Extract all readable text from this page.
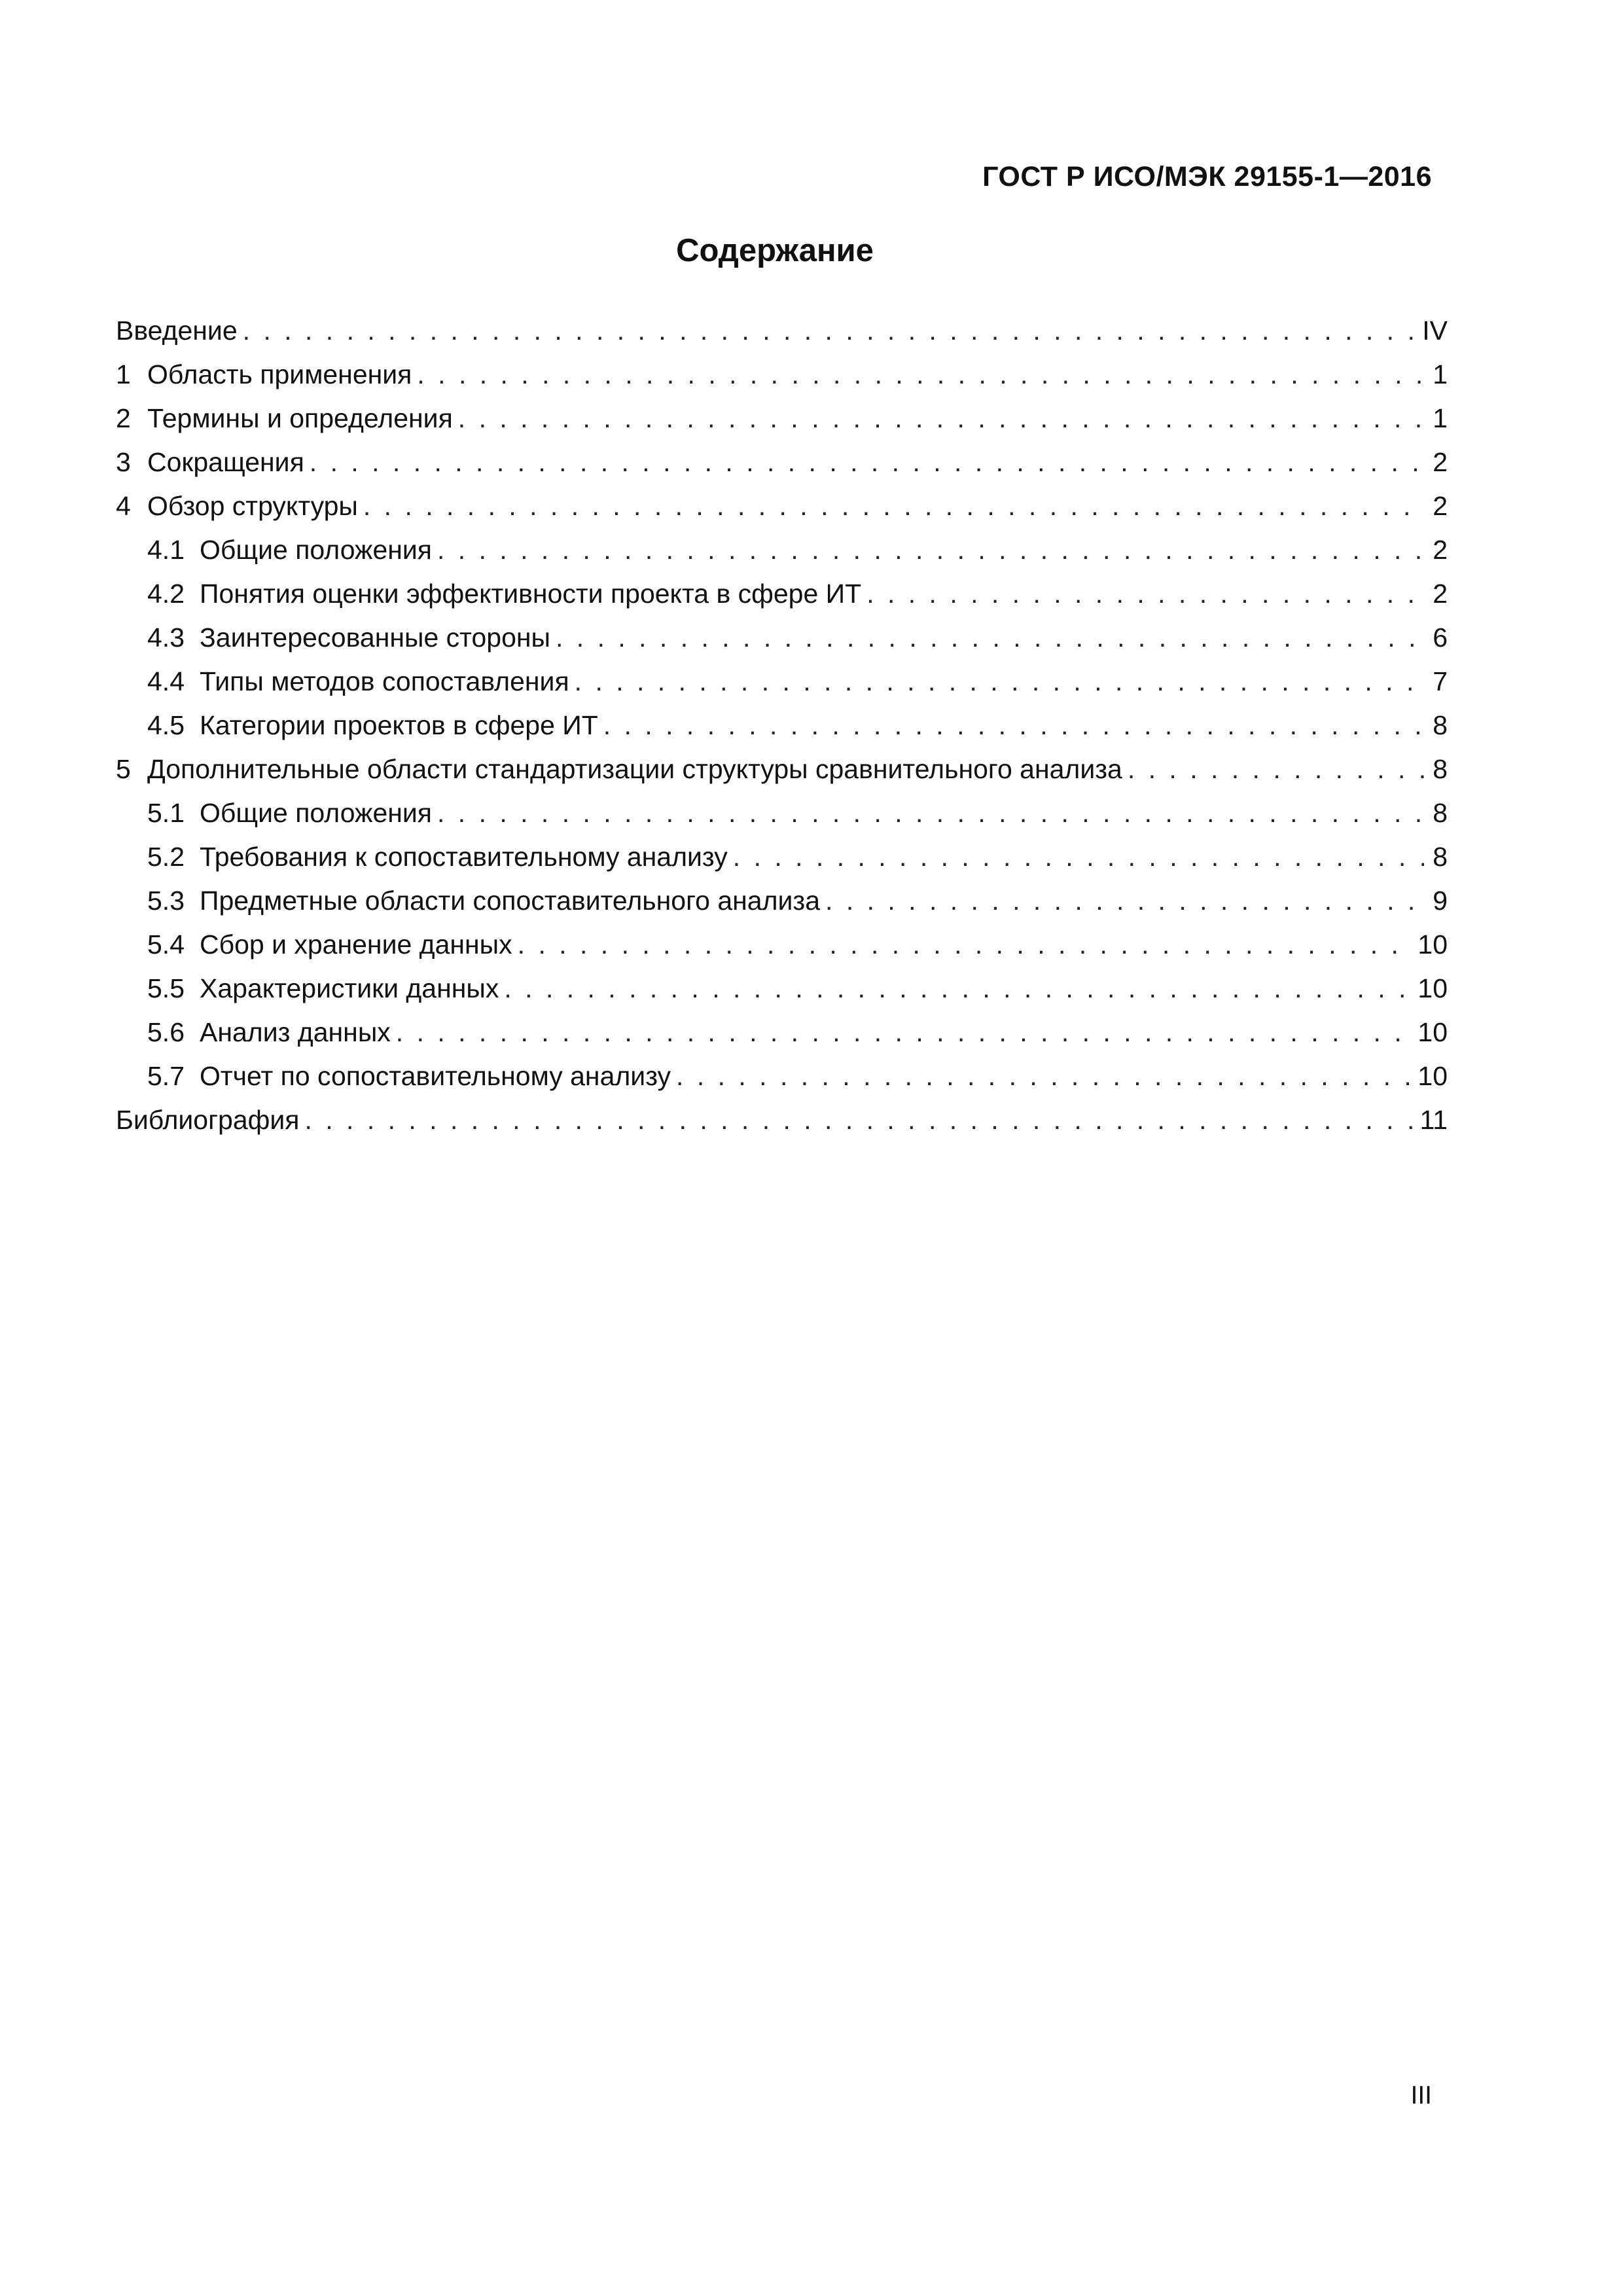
ГОСТ Р ИСО/МЭК 29155-1—2016
Содержание
Введение . . .	IV
1 Область применения . . .	1
2 Термины и определения . . .	1
3 Сокращения . . .	2
4 Обзор структуры . . .	2
4.1 Общие положения . . .	2
4.2 Понятия оценки эффективности проекта в сфере ИТ . . .	2
4.3 Заинтересованные стороны . . .	6
4.4 Типы методов сопоставления . . .	7
4.5 Категории проектов в сфере ИТ . . .	8
5 Дополнительные области стандартизации структуры сравнительного анализа . . .	8
5.1 Общие положения . . .	8
5.2 Требования к сопоставительному анализу . . .	8
5.3 Предметные области сопоставительного анализа . . .	9
5.4 Сбор и хранение данных . . .	10
5.5 Характеристики данных . . .	10
5.6 Анализ данных . . .	10
5.7 Отчет по сопоставительному анализу . . .	10
Библиография . . .	11
III
